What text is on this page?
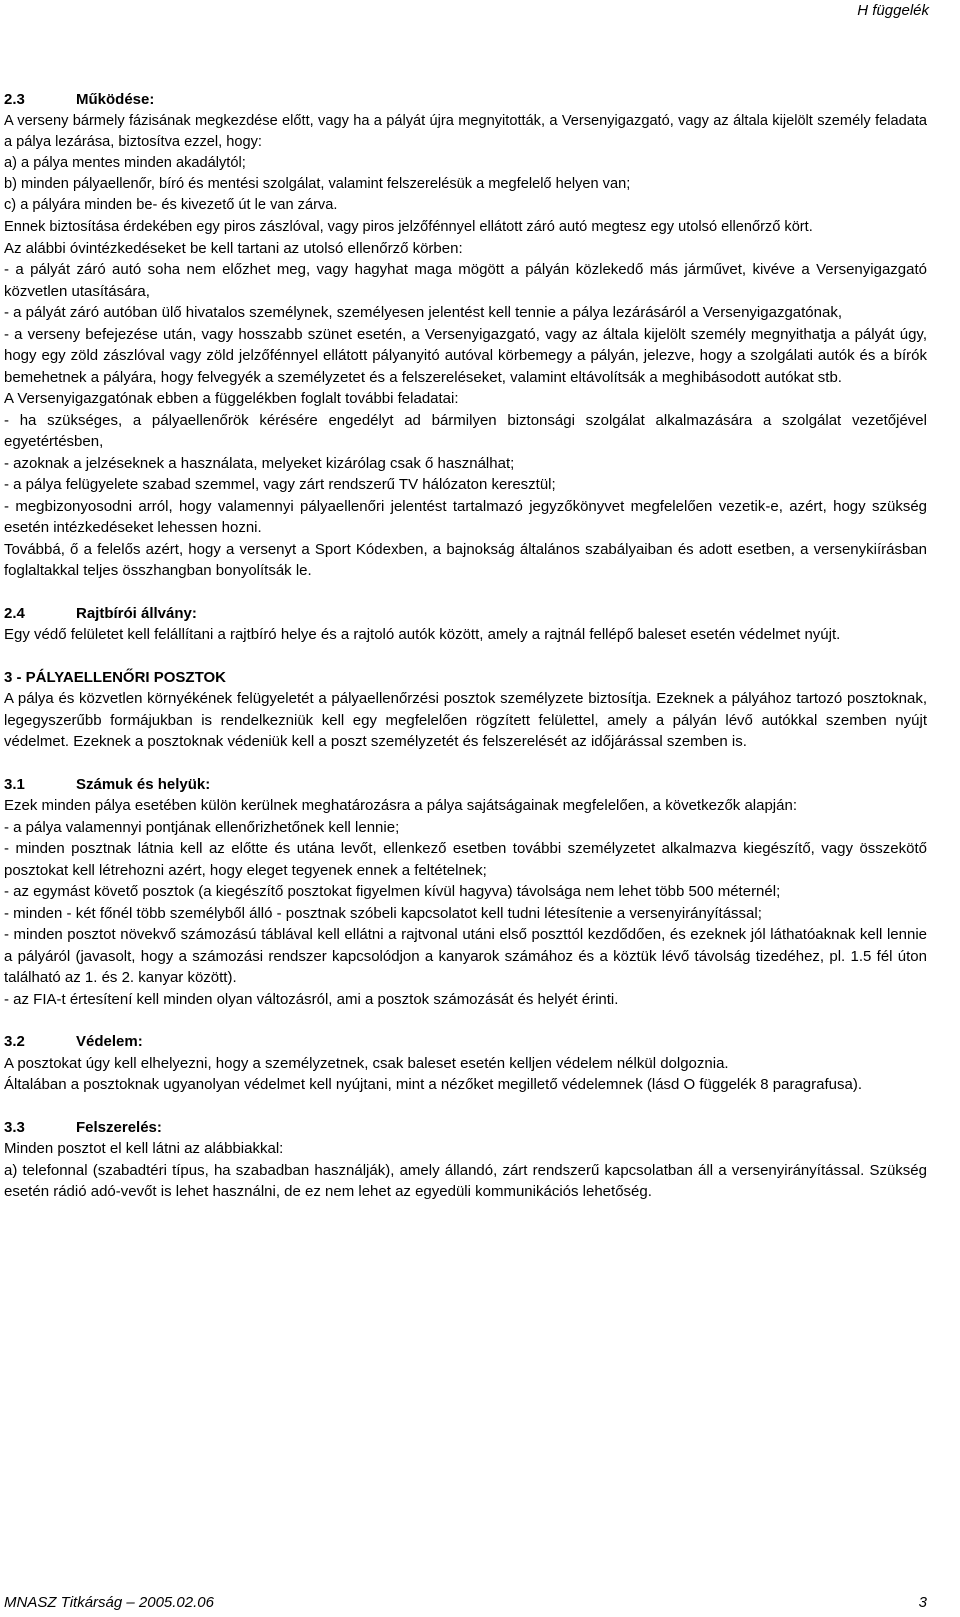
H függelék
2.3	Működése:

A verseny bármely fázisának megkezdése előtt, vagy ha a pályát újra megnyitották, a Versenyigazgató, vagy az általa kijelölt személy feladata a pálya lezárása, biztosítva ezzel, hogy:

a) a pálya mentes minden akadálytól;

b) minden pályaellenőr, bíró és mentési szolgálat, valamint felszerelésük a megfelelő helyen van;

c) a pályára minden be- és kivezető út le van zárva.

Ennek biztosítása érdekében egy piros zászlóval, vagy piros jelzőfénnyel ellátott záró autó megtesz egy utolsó ellenőrző kört.

Az alábbi óvintézkedéseket be kell tartani az utolsó ellenőrző körben:

- a pályát záró autó soha nem előzhet meg, vagy hagyhat maga mögött a pályán közlekedő más járművet, kivéve a Versenyigazgató közvetlen utasítására,

- a pályát záró autóban ülő hivatalos személynek, személyesen jelentést kell tennie a pálya lezárásáról a Versenyigazgatónak,

- a verseny befejezése után, vagy hosszabb szünet esetén, a Versenyigazgató, vagy az általa kijelölt személy megnyithatja a pályát úgy, hogy egy zöld zászlóval vagy zöld jelzőfénnyel ellátott pályanyitó autóval körbemegy a pályán, jelezve, hogy a szolgálati autók és a bírók bemehetnek a pályára, hogy felvegyék a személyzetet és a felszereléseket, valamint eltávolítsák a meghibásodott autókat stb.

A Versenyigazgatónak ebben a függelékben foglalt további feladatai:

- ha szükséges, a pályaellenőrök kérésére engedélyt ad bármilyen biztonsági szolgálat alkalmazására a szolgálat vezetőjével egyetértésben,

- azoknak a jelzéseknek a használata, melyeket kizárólag csak ő használhat;

- a pálya felügyelete szabad szemmel, vagy zárt rendszerű TV hálózaton keresztül;

- megbizonyosodni arról, hogy valamennyi pályaellenőri jelentést tartalmazó jegyzőkönyvet megfelelően vezetik-e, azért, hogy szükség esetén intézkedéseket lehessen hozni.

Továbbá, ő a felelős azért, hogy a versenyt a Sport Kódexben, a bajnokság általános szabályaiban és adott esetben, a versenykiírásban foglaltakkal teljes összhangban bonyolítsák le.

2.4	Rajtbírói állvány:

Egy védő felületet kell felállítani a rajtbíró helye és a rajtoló autók között, amely a rajtnál fellépő baleset esetén védelmet nyújt.

3 - PÁLYAELLENŐRI POSZTOK

A pálya és közvetlen környékének felügyeletét a pályaellenőrzési posztok személyzete biztosítja. Ezeknek a pályához tartozó posztoknak, legegyszerűbb formájukban is rendelkezniük kell egy megfelelően rögzített felülettel, amely a pályán lévő autókkal szemben nyújt védelmet. Ezeknek a posztoknak védeniük kell a poszt személyzetét és felszerelését az időjárással szemben is.

3.1	Számuk és helyük:

Ezek minden pálya esetében külön kerülnek meghatározásra a pálya sajátságainak megfelelően, a következők alapján:

- a pálya valamennyi pontjának ellenőrizhetőnek kell lennie;

- minden posztnak látnia kell az előtte és utána levőt, ellenkező esetben további személyzetet alkalmazva kiegészítő, vagy összekötő posztokat kell létrehozni azért, hogy eleget tegyenek ennek a feltételnek;

- az egymást követő posztok (a kiegészítő posztokat figyelmen kívül hagyva) távolsága nem lehet több 500 méternél;

- minden - két főnél több személyből álló - posztnak szóbeli kapcsolatot kell tudni létesítenie a versenyirányítással;

- minden posztot növekvő számozású táblával kell ellátni a rajtvonal utáni első poszttól kezdődően, és ezeknek jól láthatóaknak kell lennie a pályáról (javasolt, hogy a számozási rendszer kapcsolódjon a kanyarok számához és a köztük lévő távolság tizedéhez, pl. 1.5 fél úton található az 1. és 2. kanyar között).

- az FIA-t értesítení kell minden olyan változásról, ami a posztok számozását és helyét érinti.

3.2	Védelem:

A posztokat úgy kell elhelyezni, hogy a személyzetnek, csak baleset esetén kelljen védelem nélkül dolgoznia.

Általában a posztoknak ugyanolyan védelmet kell nyújtani, mint a nézőket megillető védelemnek (lásd O függelék 8 paragrafusa).

3.3	Felszerelés:

Minden posztot el kell látni az alábbiakkal:

a) telefonnal (szabadtéri típus, ha szabadban használják), amely állandó, zárt rendszerű kapcsolatban áll a versenyirányítással. Szükség esetén rádió adó-vevőt is lehet használni, de ez nem lehet az egyedüli kommunikációs lehetőség.

MNASZ Titkárság – 2005.02.06	3
